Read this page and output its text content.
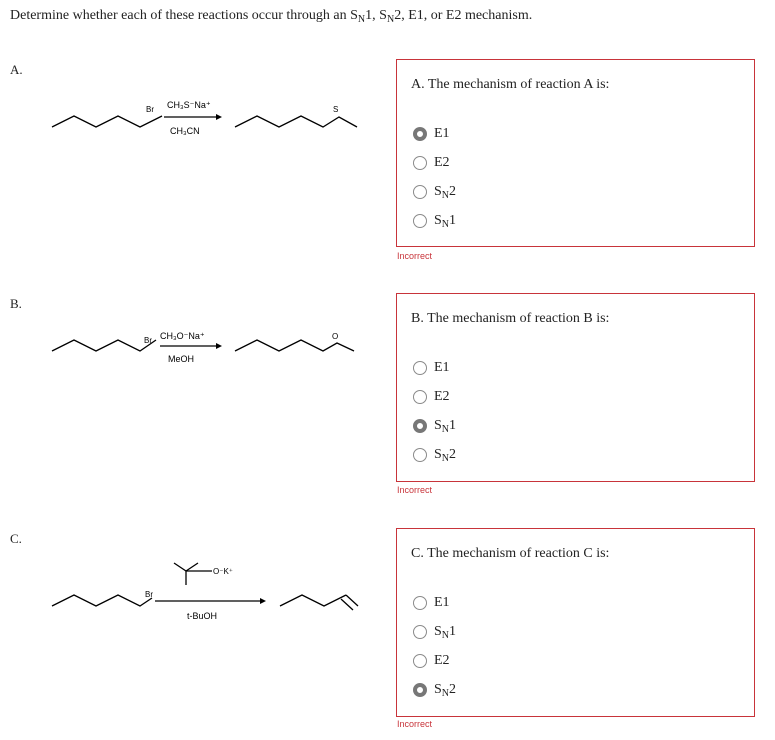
Determine whether each of these reactions occur through an $S_N1$, $S_N2$, E1, or E2 mechanism.
A.
Br CH₃S⁻Na⁺
CH₃CN
S
A. The mechanism of reaction A is:
E1
E2
$S_N2$
$S_N1$
Incorrect
B.
Br CH₃O⁻Na⁺
MeOH
O
B. The mechanism of reaction B is:
E1
E2
$S_N1$
$S_N2$
Incorrect
C.
O⁻K⁺
Br
t-BuOH
C. The mechanism of reaction C is:
E1
$S_N1$
E2
$S_N2$
Incorrect
